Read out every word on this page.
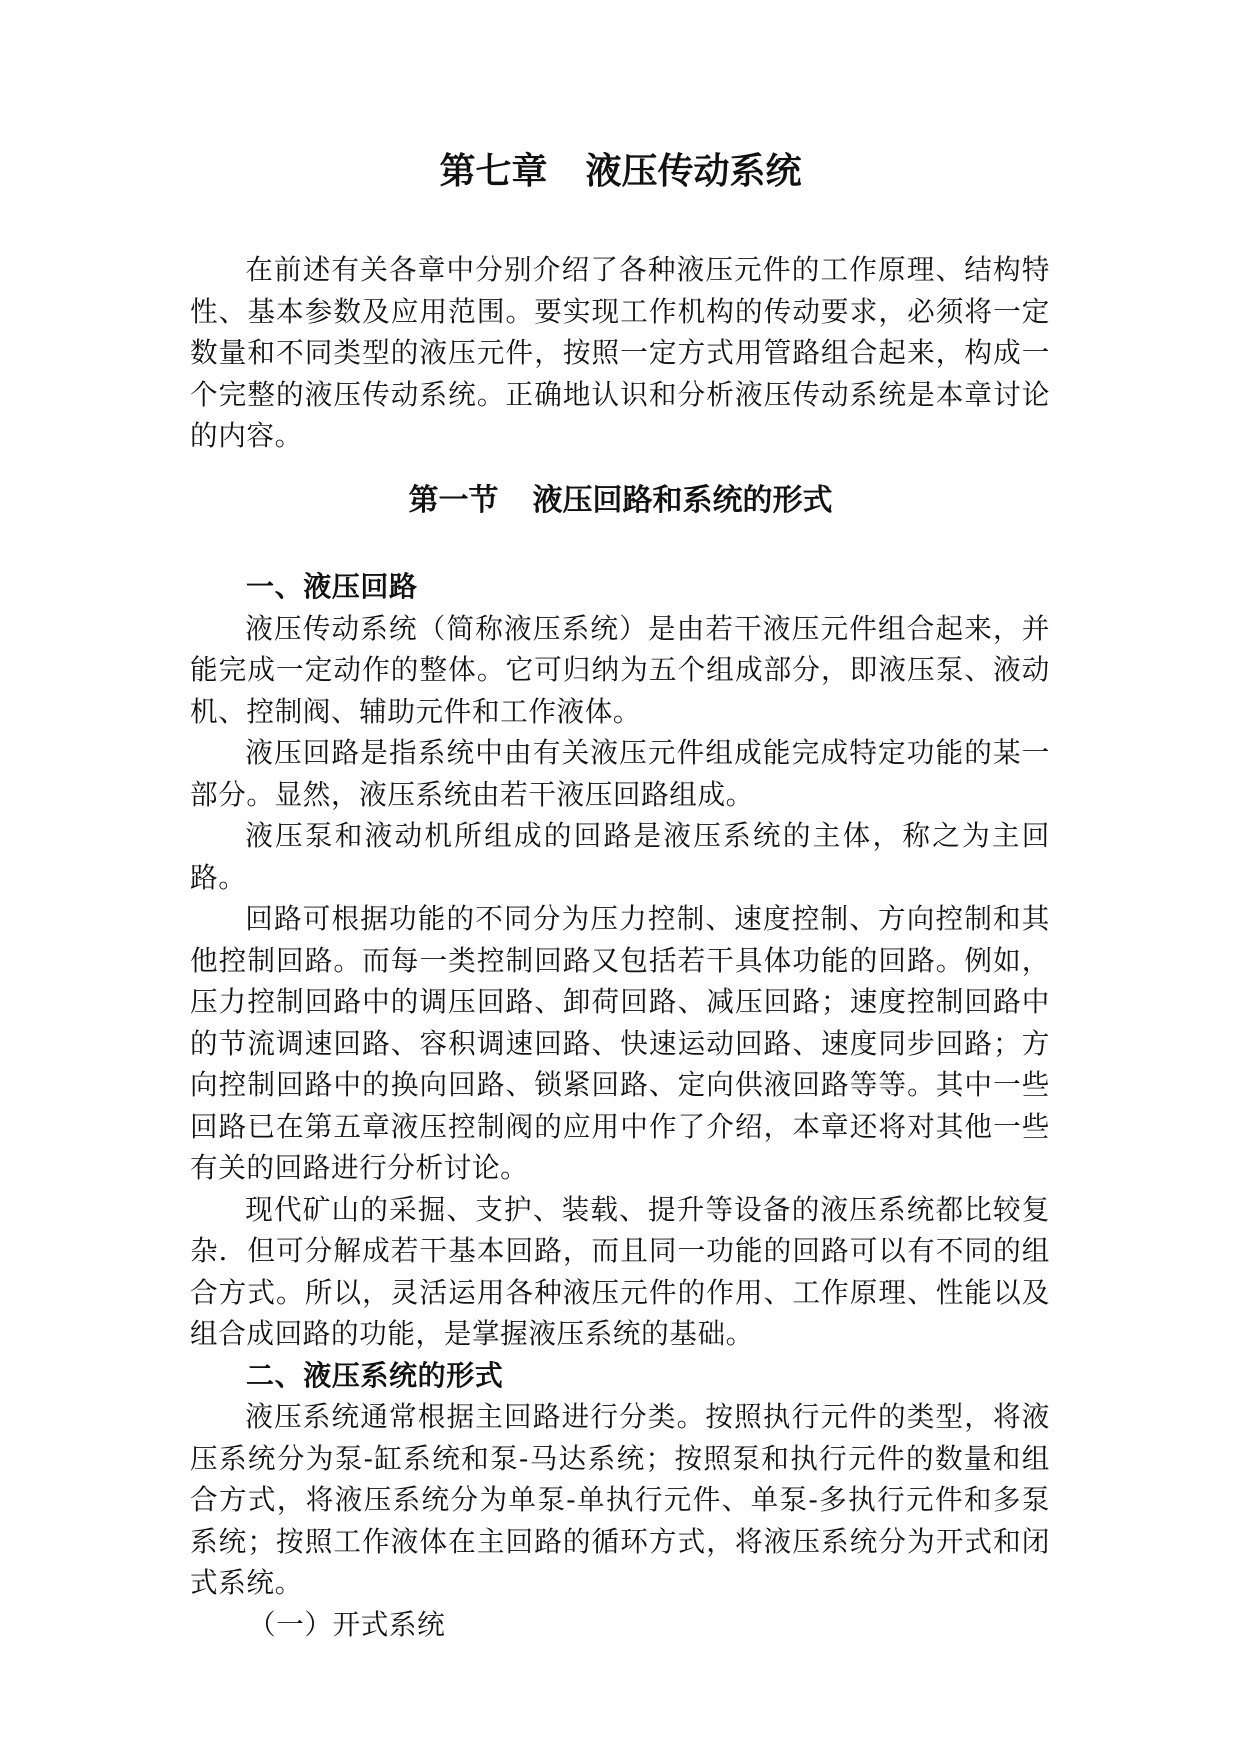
第七章 液压传动系统

在前述有关各章中分别介绍了各种液压元件的工作原理、结构特性、基本参数及应用范围。要实现工作机构的传动要求，必须将一定数量和不同类型的液压元件，按照一定方式用管路组合起来，构成一个完整的液压传动系统。正确地认识和分析液压传动系统是本章讨论的内容。

第一节 液压回路和系统的形式
一、液压回路

液压传动系统（简称液压系统）是由若干液压元件组合起来，并能完成一定动作的整体。它可归纳为五个组成部分，即液压泵、液动机、控制阀、辅助元件和工作液体。

液压回路是指系统中由有关液压元件组成能完成特定功能的某一部分。显然，液压系统由若干液压回路组成。

液压泵和液动机所组成的回路是液压系统的主体，称之为主回路。

回路可根据功能的不同分为压力控制、速度控制、方向控制和其他控制回路。而每一类控制回路又包括若干具体功能的回路。例如，压力控制回路中的调压回路、卸荷回路、减压回路；速度控制回路中的节流调速回路、容积调速回路、快速运动回路、速度同步回路；方向控制回路中的换向回路、锁紧回路、定向供液回路等等。其中一些回路已在第五章液压控制阀的应用中作了介绍，本章还将对其他一些有关的回路进行分析讨论。

现代矿山的采掘、支护、装载、提升等设备的液压系统都比较复杂．但可分解成若干基本回路，而且同一功能的回路可以有不同的组合方式。所以，灵活运用各种液压元件的作用、工作原理、性能以及组合成回路的功能，是掌握液压系统的基础。

二、液压系统的形式

液压系统通常根据主回路进行分类。按照执行元件的类型，将液压系统分为泵-缸系统和泵-马达系统；按照泵和执行元件的数量和组合方式，将液压系统分为单泵-单执行元件、单泵-多执行元件和多泵系统；按照工作液体在主回路的循环方式，将液压系统分为开式和闭式系统。

（一）开式系统
